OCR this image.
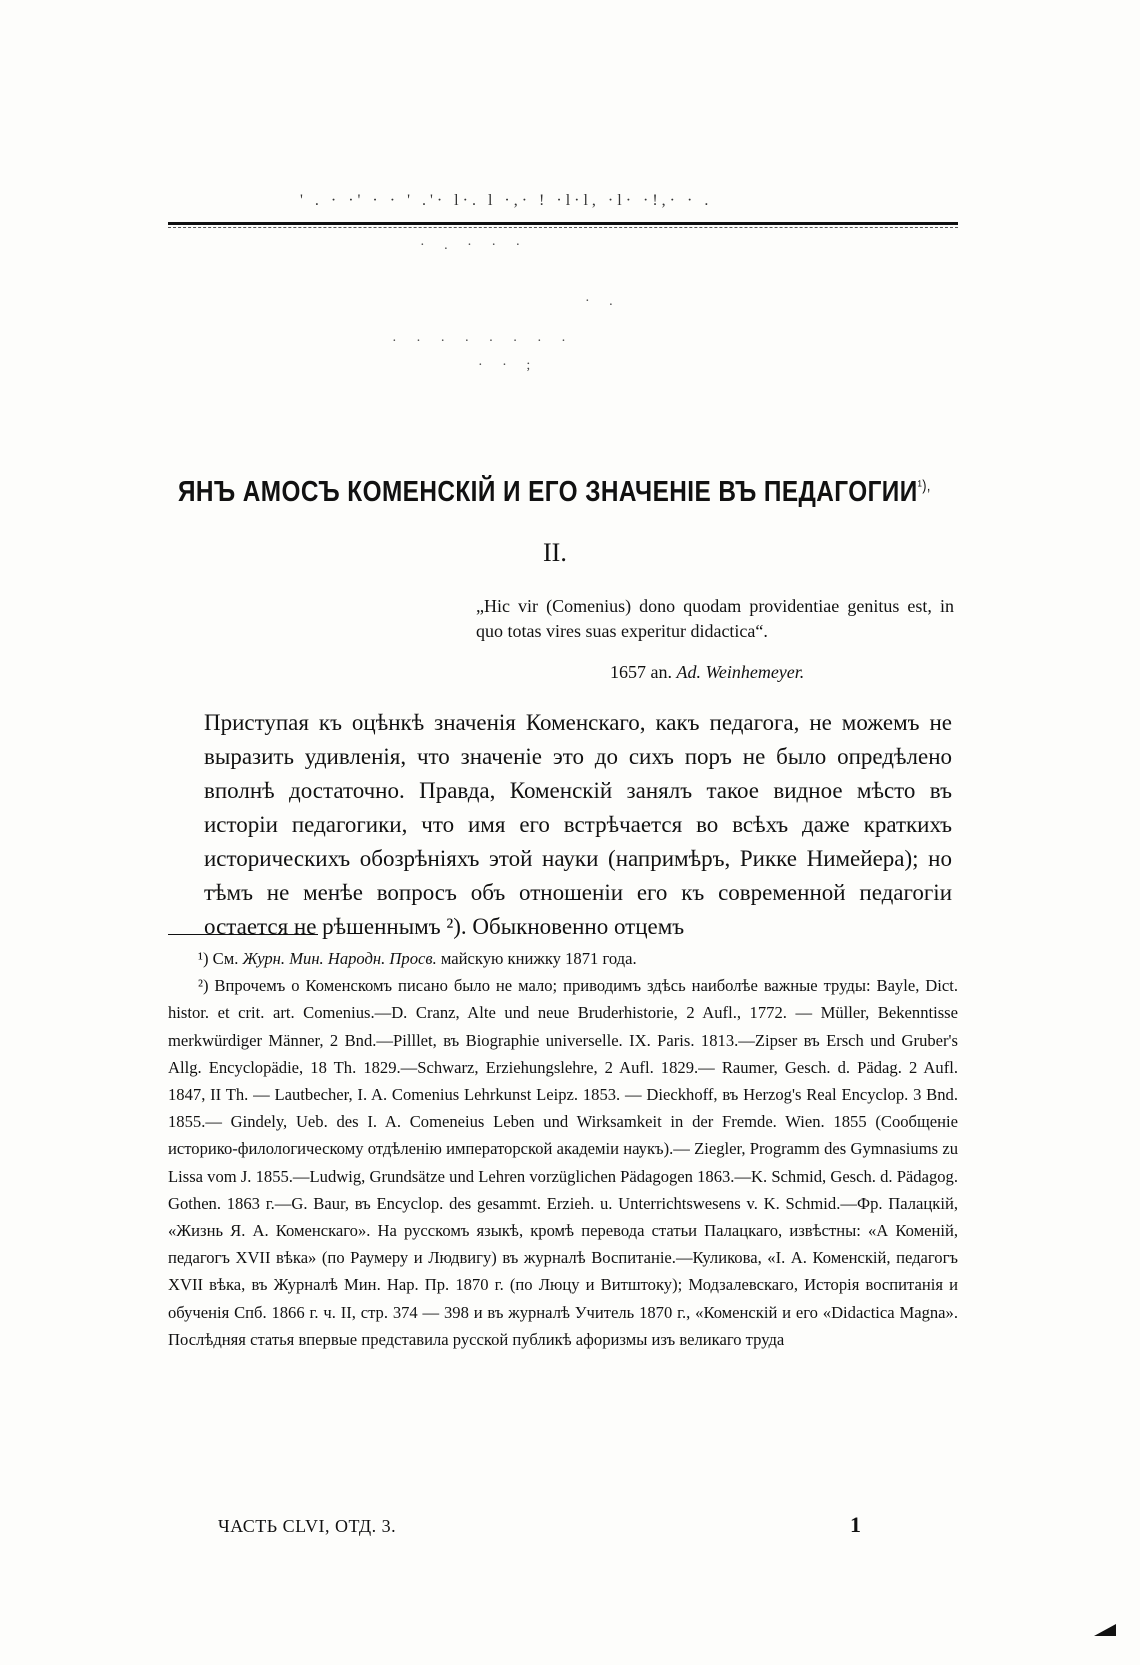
' . · ·' · · ' .'· l·. l ·,· ! ·l·l, ·l· ·!,· · .
· . · · ·
· .
· · · · · · · ·
· · ;
ЯНЪ АМОСЪ КОМЕНСКІЙ И ЕГО ЗНАЧЕНІЕ ВЪ $ПЕДАГОГИИ^{^1),}$
II.
„Hic vir (Comenius) dono quodam providentiae genitus est, in quo totas vires suas experitur didactica“.
1657 an. Ad. Weinhemeyer.

Приступая къ оцѣнкѣ значенія Коменскаго, какъ педагога, не можемъ не выразить удивленія, что значеніе это до сихъ поръ не было опредѣлено вполнѣ достаточно. Правда, Коменскій занялъ такое видное мѣсто въ исторіи педагогики, что имя его встрѣчается во всѣхъ даже краткихъ историческихъ обозрѣніяхъ этой науки (напримѣръ, Рикке Нимейера); но тѣмъ не менѣе вопросъ объ отношеніи его къ современной педагогіи остается не рѣшеннымъ ²). Обыкновенно отцемъ

¹) См. Журн. Мин. Народн. Просв. майскую книжку 1871 года.

²) Впрочемъ о Коменскомъ писано было не мало; приводимъ здѣсь наиболѣе важные труды: Bayle, Dict. histor. et crit. art. Comenius.—D. Cranz, Alte und neue Bruderhistorie, 2 Aufl., 1772. — Müller, Bekenntisse merkwürdiger Männer, 2 Bnd.—Pilllet, въ Biographie universelle. IX. Paris. 1813.—Zipser въ Ersch und Gruber's Allg. Encyclopädie, 18 Th. 1829.—Schwarz, Erziehungslehre, 2 Aufl. 1829.— Raumer, Gesch. d. Pädag. 2 Aufl. 1847, II Th. — Lautbecher, I. A. Comenius Lehrkunst Leipz. 1853. — Dieckhoff, въ Herzog's Real Encyclop. 3 Bnd. 1855.— Gindely, Ueb. des I. A. Comeneius Leben und Wirksamkeit in der Fremde. Wien. 1855 (Сообщеніе историко-филологическому отдѣленію императорской академіи наукъ).— Ziegler, Programm des Gymnasiums zu Lissa vom J. 1855.—Ludwig, Grundsätze und Lehren vorzüglichen Pädagogen 1863.—K. Schmid, Gesch. d. Pädagog. Gothen. 1863 г.—G. Baur, въ Encyclop. des gesammt. Erzieh. u. Unterrichtswesens v. K. Schmid.—Фр. Палацкій, «Жизнь Я. А. Коменскаго». На русскомъ языкѣ, кромѣ перевода статьи Палацкаго, извѣстны: «А Коменій, педагогъ XVII вѣка» (по Раумеру и Людвигу) въ журналѣ Воспитаніе.—Куликова, «I. А. Коменскій, педагогъ XVII вѣка, въ Журналѣ Мин. Нар. Пр. 1870 г. (по Люцу и Витштоку); Модзалевскаго, Исторія воспитанія и обученія Спб. 1866 г. ч. II, стр. 374 — 398 и въ журналѣ Учитель 1870 г., «Коменскій и его «Didactica Magna». Послѣдняя статья впервые представила русской публикѣ афоризмы изъ великаго труда

ЧАСТЬ CLVI, ОТД. 3.	1
